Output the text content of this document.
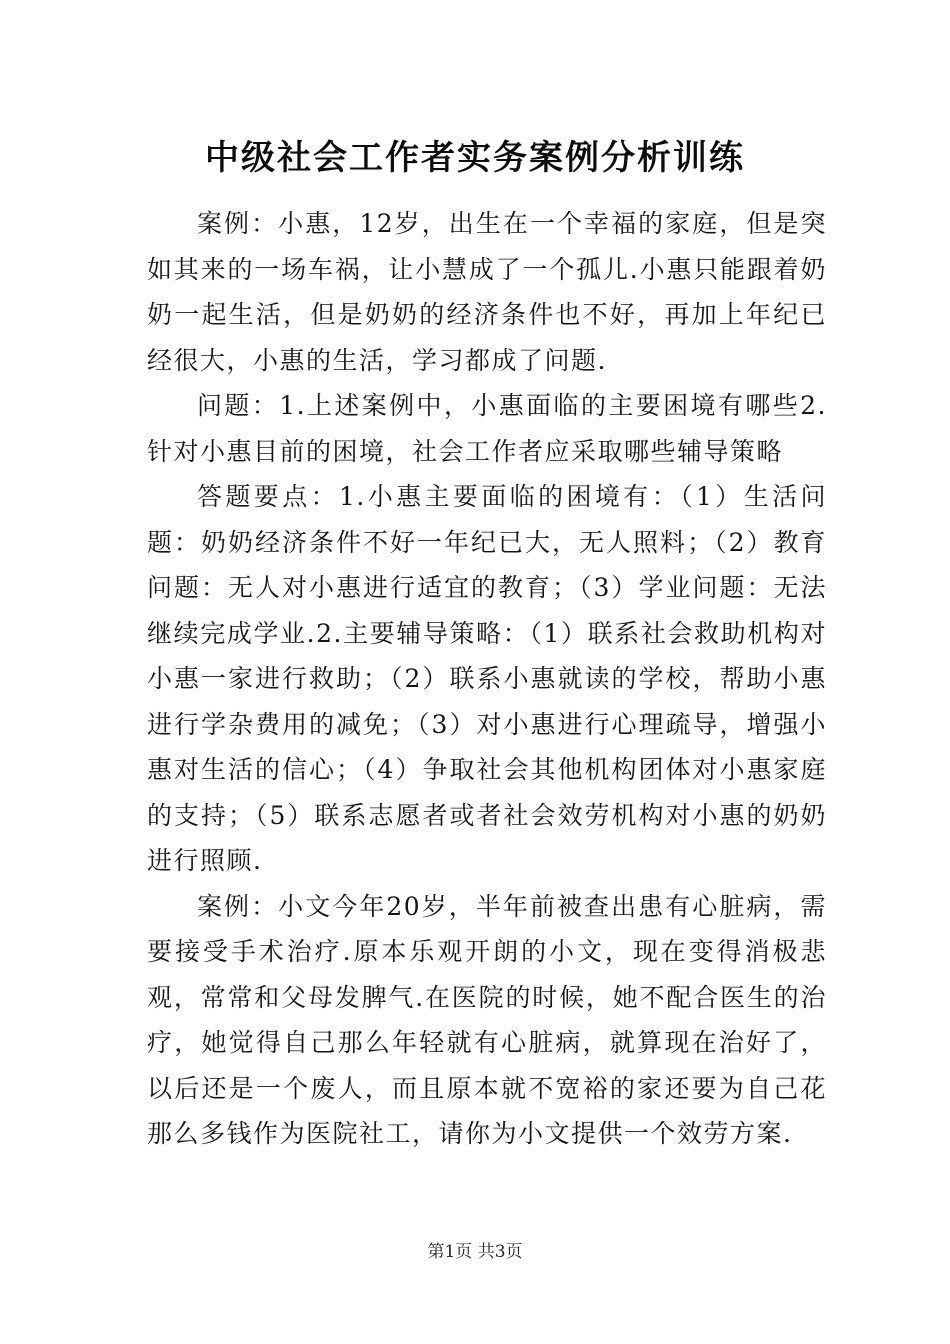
中级社会工作者实务案例分析训练

案例：小惠，12岁，出生在一个幸福的家庭，但是突如其来的一场车祸，让小慧成了一个孤儿.小惠只能跟着奶奶一起生活，但是奶奶的经济条件也不好，再加上年纪已经很大，小惠的生活，学习都成了问题.

问题：1.上述案例中，小惠面临的主要困境有哪些2.针对小惠目前的困境，社会工作者应采取哪些辅导策略

答题要点：1.小惠主要面临的困境有：（1）生活问题：奶奶经济条件不好一年纪已大，无人照料；（2）教育问题：无人对小惠进行适宜的教育；（3）学业问题：无法继续完成学业.2.主要辅导策略：（1）联系社会救助机构对小惠一家进行救助；（2）联系小惠就读的学校，帮助小惠进行学杂费用的减免；（3）对小惠进行心理疏导，增强小惠对生活的信心；（4）争取社会其他机构团体对小惠家庭的支持；（5）联系志愿者或者社会效劳机构对小惠的奶奶进行照顾.

案例：小文今年20岁，半年前被查出患有心脏病，需要接受手术治疗.原本乐观开朗的小文，现在变得消极悲观，常常和父母发脾气.在医院的时候，她不配合医生的治疗，她觉得自己那么年轻就有心脏病，就算现在治好了，以后还是一个废人，而且原本就不宽裕的家还要为自己花那么多钱作为医院社工，请你为小文提供一个效劳方案.

第1页 共3页
